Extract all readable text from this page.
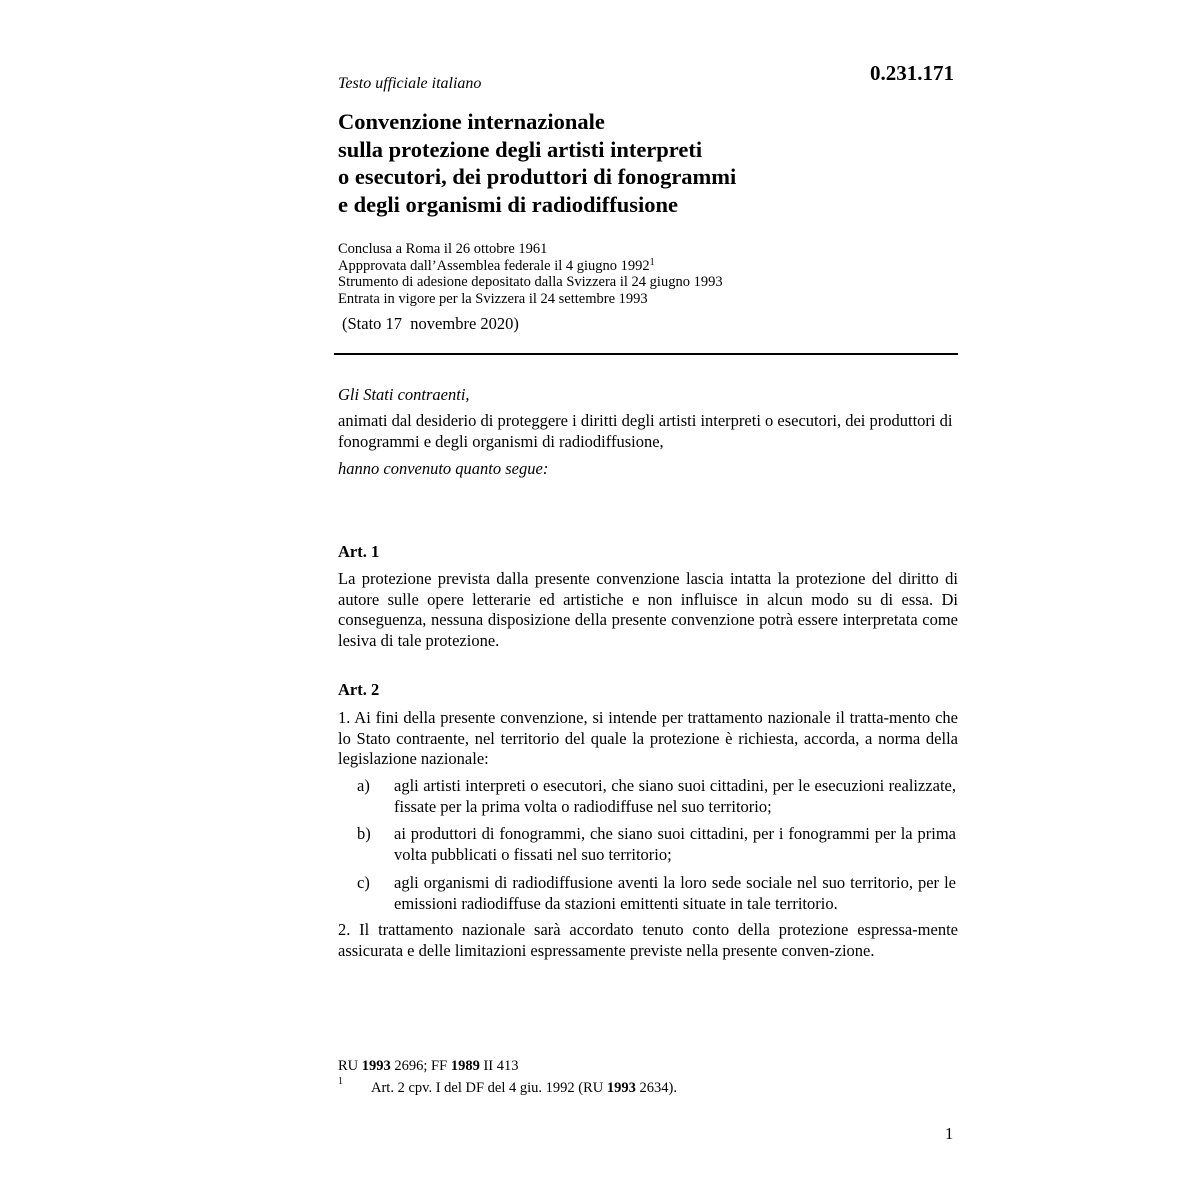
Testo ufficiale italiano	0.231.171
Convenzione internazionale
sulla protezione degli artisti interpreti
o esecutori, dei produttori di fonogrammi
e degli organismi di radiodiffusione
Conclusa a Roma il 26 ottobre 1961
Appprovata dall’Assemblea federale il 4 giugno 1992$^1$
Strumento di adesione depositato dalla Svizzera il 24 giugno 1993
Entrata in vigore per la Svizzera il 24 settembre 1993
(Stato 17  novembre 2020)
Gli Stati contraenti,
animati dal desiderio di proteggere i diritti degli artisti interpreti o esecutori, dei produttori di fonogrammi e degli organismi di radiodiffusione,
hanno convenuto quanto segue:
Art. 1
La protezione prevista dalla presente convenzione lascia intatta la protezione del diritto di autore sulle opere letterarie ed artistiche e non influisce in alcun modo su di essa. Di conseguenza, nessuna disposizione della presente convenzione potrà essere interpretata come lesiva di tale protezione.
Art. 2
1. Ai fini della presente convenzione, si intende per trattamento nazionale il tratta-mento che lo Stato contraente, nel territorio del quale la protezione è richiesta, accorda, a norma della legislazione nazionale:
a) agli artisti interpreti o esecutori, che siano suoi cittadini, per le esecuzioni realizzate, fissate per la prima volta o radiodiffuse nel suo territorio;
b) ai produttori di fonogrammi, che siano suoi cittadini, per i fonogrammi per la prima volta pubblicati o fissati nel suo territorio;
c) agli organismi di radiodiffusione aventi la loro sede sociale nel suo territorio, per le emissioni radiodiffuse da stazioni emittenti situate in tale territorio.
2. Il trattamento nazionale sarà accordato tenuto conto della protezione espressa-mente assicurata e delle limitazioni espressamente previste nella presente conven-zione.
RU 1993 2696; FF 1989 II 413
1 Art. 2 cpv. I del DF del 4 giu. 1992 (RU 1993 2634).
1
